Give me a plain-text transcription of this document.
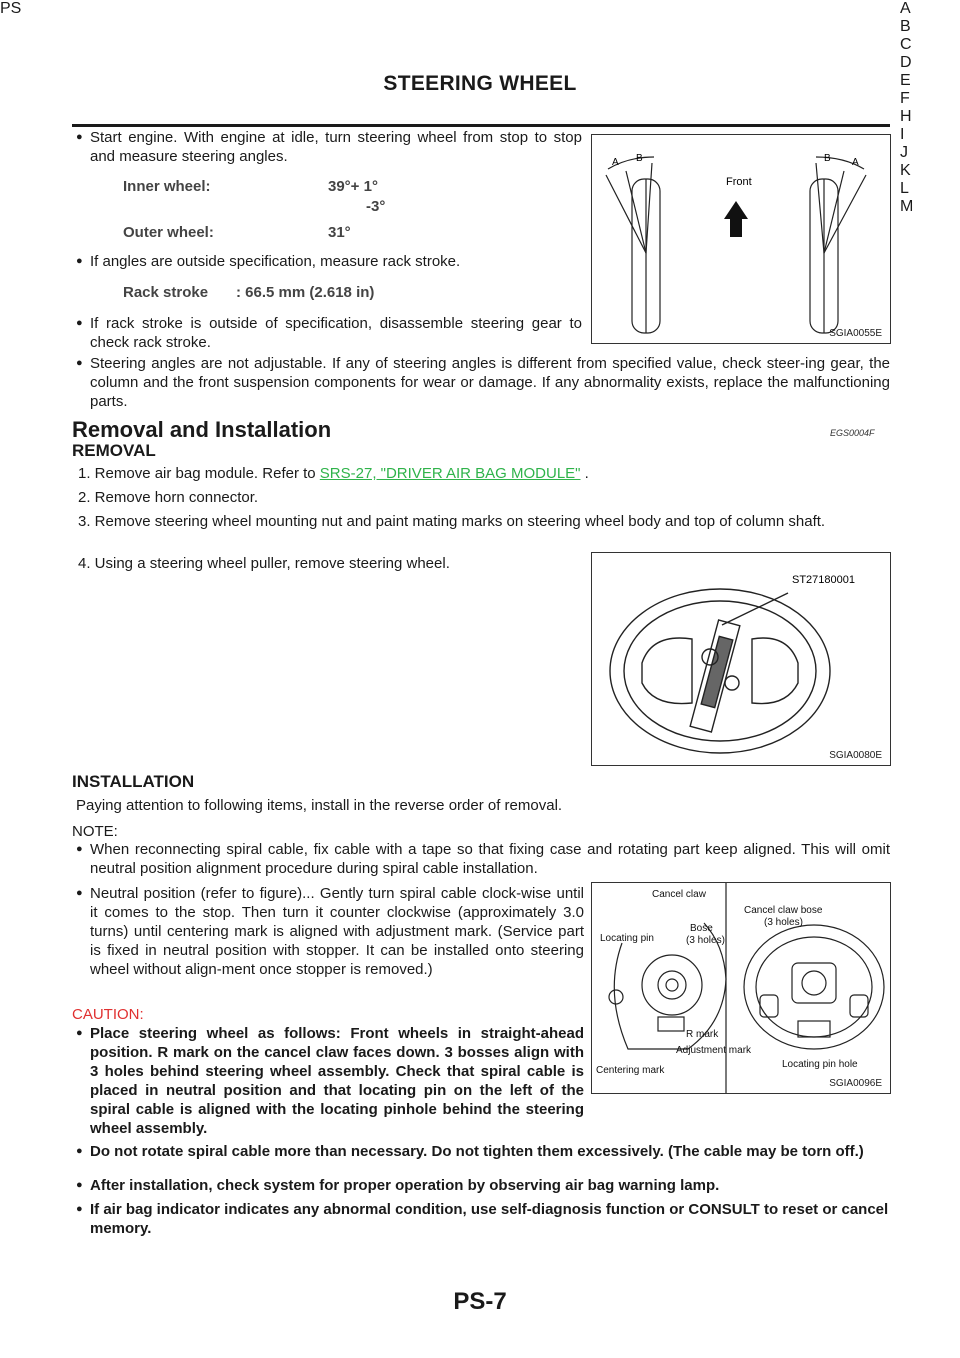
STEERING WHEEL
A
B
C
D
E
F
H
I
J
K
L
M
PS
● Start engine. With engine at idle, turn steering wheel from stop to stop and measure steering angles.
Inner wheel:	39°+ 1°
-3°
Outer wheel:	31°
● If angles are outside specification, measure rack stroke.
Rack stroke : 66.5 mm (2.618 in)
● If rack stroke is outside of specification, disassemble steering gear to check rack stroke.
● Steering angles are not adjustable. If any of steering angles is different from specified value, check steer-ing gear, the column and the front suspension components for wear or damage. If any abnormality exists, replace the malfunctioning parts.
A B	B A
Front
SGIA0055E
Removal and Installation	EGS0004F
REMOVAL
1. Remove air bag module. Refer to SRS-27, "DRIVER AIR BAG MODULE" .
2. Remove horn connector.
3. Remove steering wheel mounting nut and paint mating marks on steering wheel body and top of column shaft.
4. Using a steering wheel puller, remove steering wheel.
ST27180001
SGIA0080E
INSTALLATION
Paying attention to following items, install in the reverse order of removal.
NOTE:
● When reconnecting spiral cable, fix cable with a tape so that fixing case and rotating part keep aligned. This will omit neutral position alignment procedure during spiral cable installation.
● Neutral position (refer to figure)... Gently turn spiral cable clock-wise until it comes to the stop. Then turn it counter clockwise (approximately 3.0 turns) until centering mark is aligned with adjustment mark. (Service part is fixed in neutral position with stopper. It can be installed onto steering wheel without align-ment once stopper is removed.)
CAUTION:
● Place steering wheel as follows: Front wheels in straight-ahead position. R mark on the cancel claw faces down. 3 bosses align with 3 holes behind steering wheel assembly. Check that spiral cable is placed in neutral position and that locating pin on the left of the spiral cable is aligned with the locating pinhole behind the steering wheel assembly.
● Do not rotate spiral cable more than necessary. Do not tighten them excessively. (The cable may be torn off.)
● After installation, check system for proper operation by observing air bag warning lamp.
● If air bag indicator indicates any abnormal condition, use self-diagnosis function or CONSULT to reset or cancel memory.
Cancel claw
Locating pin
Bose
(3 holes)
Cancel claw bose
(3 holes)
R mark
Adjustment mark
Locating pin hole
Centering mark
SGIA0096E
PS-7
